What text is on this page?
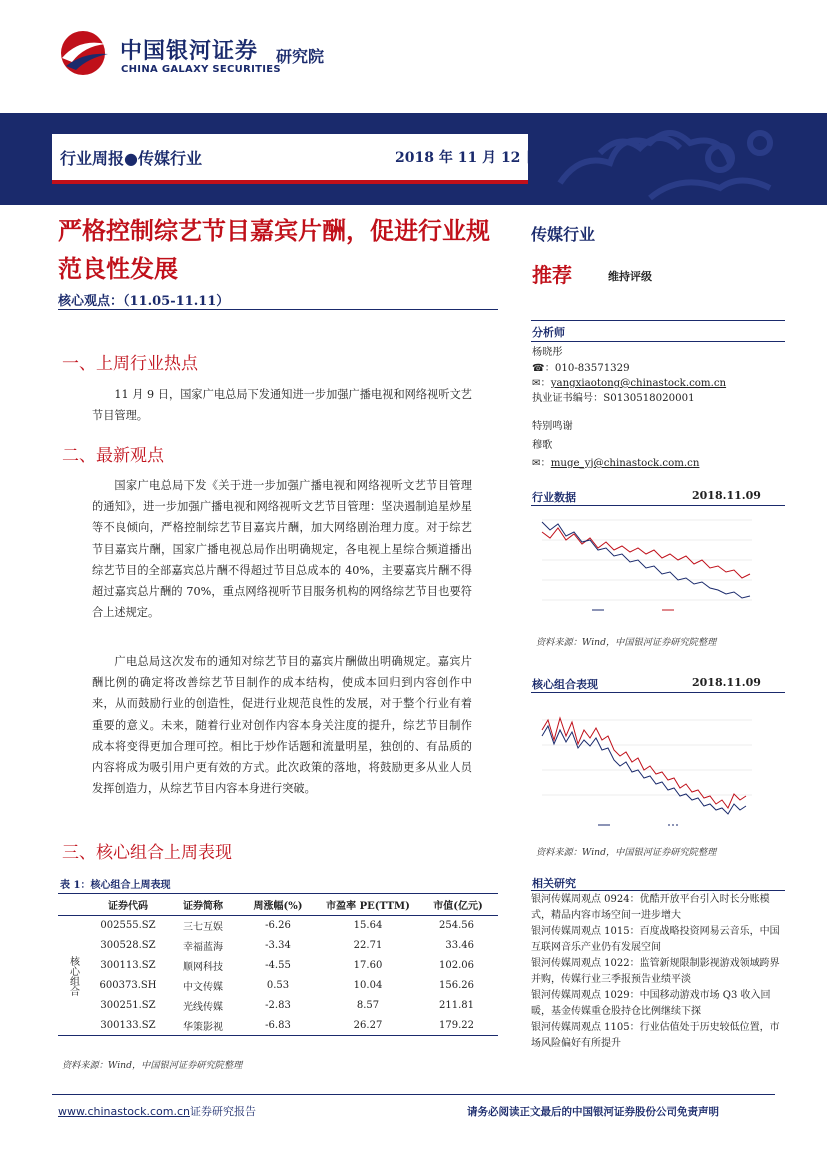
中国银河证券 研究院
CHINA GALAXY SECURITIES
行业周报●传媒行业	2018 年 11 月 12 日
严格控制综艺节目嘉宾片酬，促进行业规范良性发展
核心观点：（11.05-11.11）
一、上周行业热点
11 月 9 日，国家广电总局下发通知进一步加强广播电视和网络视听文艺节目管理。
二、最新观点
国家广电总局下发《关于进一步加强广播电视和网络视听文艺节目管理的通知》，进一步加强广播电视和网络视听文艺节目管理：坚决遏制追星炒星等不良倾向，严格控制综艺节目嘉宾片酬，加大网络剧治理力度。对于综艺节目嘉宾片酬，国家广播电视总局作出明确规定，各电视上星综合频道播出综艺节目的全部嘉宾总片酬不得超过节目总成本的 40%，主要嘉宾片酬不得超过嘉宾总片酬的 70%，重点网络视听节目服务机构的网络综艺节目也要符合上述规定。
广电总局这次发布的通知对综艺节目的嘉宾片酬做出明确规定。嘉宾片酬比例的确定将改善综艺节目制作的成本结构，使成本回归到内容创作中来，从而鼓励行业的创造性，促进行业规范良性的发展，对于整个行业有着重要的意义。未来，随着行业对创作内容本身关注度的提升，综艺节目制作成本将变得更加合理可控。相比于炒作话题和流量明星，独创的、有品质的内容将成为吸引用户更有效的方式。此次政策的落地，将鼓励更多从业人员发挥创造力，从综艺节目内容本身进行突破。
三、核心组合上周表现
表 1：核心组合上周表现
	证券代码	证券简称	周涨幅(%)	市盈率 PE(TTM)	市值(亿元)
核心组合	002555.SZ	三七互娱	-6.26	15.64	254.56
	300528.SZ	幸福蓝海	-3.34	22.71	33.46
	300113.SZ	顺网科技	-4.55	17.60	102.06
	600373.SH	中文传媒	0.53	10.04	156.26
	300251.SZ	光线传媒	-2.83	8.57	211.81
	300133.SZ	华策影视	-6.83	26.27	179.22
资料来源：Wind，中国银河证券研究院整理
传媒行业
推荐	维持评级
分析师
杨晓彤
☎：010-83571329
✉：yangxiaotong@chinastock.com.cn
执业证书编号：S0130518020001
特别鸣谢
穆歌
✉：muge_yj@chinastock.com.cn
行业数据	2018.11.09
资料来源：Wind，中国银河证券研究院整理
核心组合表现	2018.11.09
资料来源：Wind，中国银河证券研究院整理
相关研究
银河传媒周观点 0924：优酷开放平台引入时长分账模式，精品内容市场空间一进步增大
银河传媒周观点 1015：百度战略投资网易云音乐，中国互联网音乐产业仍有发展空间
银河传媒周观点 1022：监管新规限制影视游戏领域跨界并购，传媒行业三季报预告业绩平淡
银河传媒周观点 1029：中国移动游戏市场 Q3 收入回暖，基金传媒重仓股持仓比例继续下探
银河传媒周观点 1105：行业估值处于历史较低位置，市场风险偏好有所提升
www.chinastock.com.cn证券研究报告	请务必阅读正文最后的中国银河证券股份公司免责声明
